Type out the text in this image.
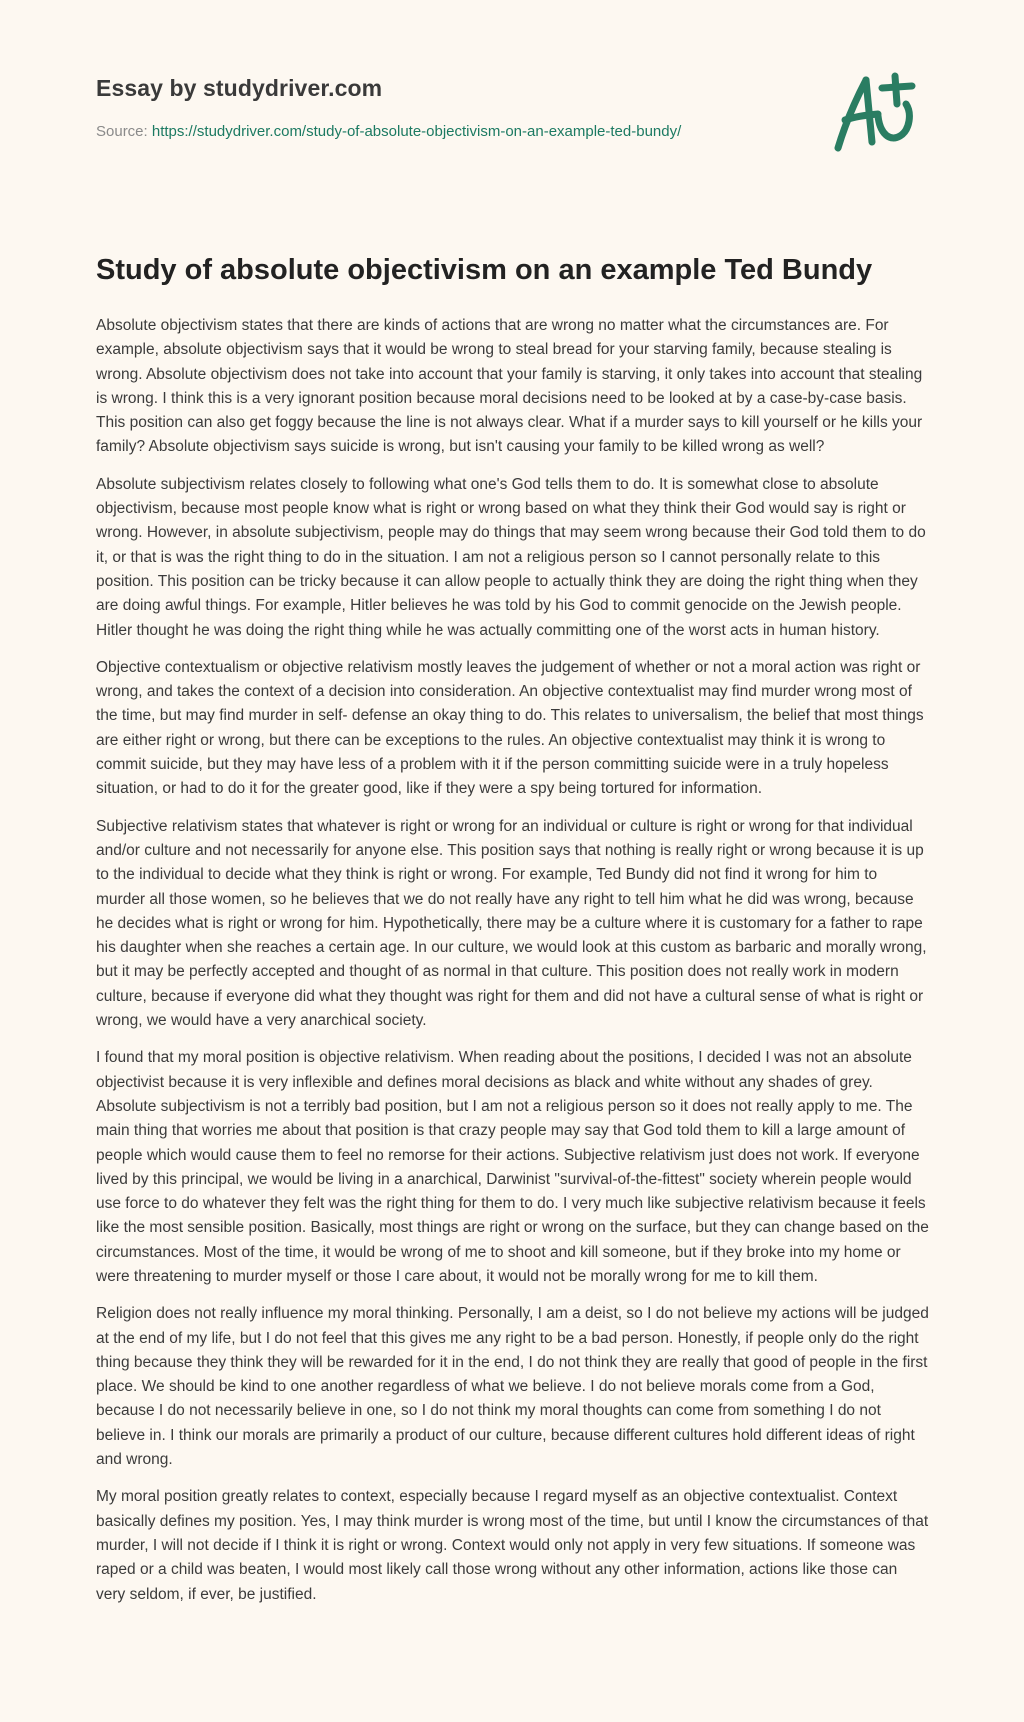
Essay by studydriver.com
Source: https://studydriver.com/study-of-absolute-objectivism-on-an-example-ted-bundy/
Study of absolute objectivism on an example Ted Bundy

Absolute objectivism states that there are kinds of actions that are wrong no matter what the circumstances are. For example, absolute objectivism says that it would be wrong to steal bread for your starving family, because stealing is wrong. Absolute objectivism does not take into account that your family is starving, it only takes into account that stealing is wrong. I think this is a very ignorant position because moral decisions need to be looked at by a case-by-case basis. This position can also get foggy because the line is not always clear. What if a murder says to kill yourself or he kills your family? Absolute objectivism says suicide is wrong, but isn't causing your family to be killed wrong as well?

Absolute subjectivism relates closely to following what one's God tells them to do. It is somewhat close to absolute objectivism, because most people know what is right or wrong based on what they think their God would say is right or wrong. However, in absolute subjectivism, people may do things that may seem wrong because their God told them to do it, or that is was the right thing to do in the situation. I am not a religious person so I cannot personally relate to this position. This position can be tricky because it can allow people to actually think they are doing the right thing when they are doing awful things. For example, Hitler believes he was told by his God to commit genocide on the Jewish people. Hitler thought he was doing the right thing while he was actually committing one of the worst acts in human history.

Objective contextualism or objective relativism mostly leaves the judgement of whether or not a moral action was right or wrong, and takes the context of a decision into consideration. An objective contextualist may find murder wrong most of the time, but may find murder in self- defense an okay thing to do. This relates to universalism, the belief that most things are either right or wrong, but there can be exceptions to the rules. An objective contextualist may think it is wrong to commit suicide, but they may have less of a problem with it if the person committing suicide were in a truly hopeless situation, or had to do it for the greater good, like if they were a spy being tortured for information.

Subjective relativism states that whatever is right or wrong for an individual or culture is right or wrong for that individual and/or culture and not necessarily for anyone else. This position says that nothing is really right or wrong because it is up to the individual to decide what they think is right or wrong. For example, Ted Bundy did not find it wrong for him to murder all those women, so he believes that we do not really have any right to tell him what he did was wrong, because he decides what is right or wrong for him. Hypothetically, there may be a culture where it is customary for a father to rape his daughter when she reaches a certain age. In our culture, we would look at this custom as barbaric and morally wrong, but it may be perfectly accepted and thought of as normal in that culture. This position does not really work in modern culture, because if everyone did what they thought was right for them and did not have a cultural sense of what is right or wrong, we would have a very anarchical society.

I found that my moral position is objective relativism. When reading about the positions, I decided I was not an absolute objectivist because it is very inflexible and defines moral decisions as black and white without any shades of grey. Absolute subjectivism is not a terribly bad position, but I am not a religious person so it does not really apply to me. The main thing that worries me about that position is that crazy people may say that God told them to kill a large amount of people which would cause them to feel no remorse for their actions. Subjective relativism just does not work. If everyone lived by this principal, we would be living in a anarchical, Darwinist "survival-of-the-fittest" society wherein people would use force to do whatever they felt was the right thing for them to do. I very much like subjective relativism because it feels like the most sensible position. Basically, most things are right or wrong on the surface, but they can change based on the circumstances. Most of the time, it would be wrong of me to shoot and kill someone, but if they broke into my home or were threatening to murder myself or those I care about, it would not be morally wrong for me to kill them.

Religion does not really influence my moral thinking. Personally, I am a deist, so I do not believe my actions will be judged at the end of my life, but I do not feel that this gives me any right to be a bad person. Honestly, if people only do the right thing because they think they will be rewarded for it in the end, I do not think they are really that good of people in the first place. We should be kind to one another regardless of what we believe. I do not believe morals come from a God, because I do not necessarily believe in one, so I do not think my moral thoughts can come from something I do not believe in. I think our morals are primarily a product of our culture, because different cultures hold different ideas of right and wrong.

My moral position greatly relates to context, especially because I regard myself as an objective contextualist. Context basically defines my position. Yes, I may think murder is wrong most of the time, but until I know the circumstances of that murder, I will not decide if I think it is right or wrong. Context would only not apply in very few situations. If someone was raped or a child was beaten, I would most likely call those wrong without any other information, actions like those can very seldom, if ever, be justified.
